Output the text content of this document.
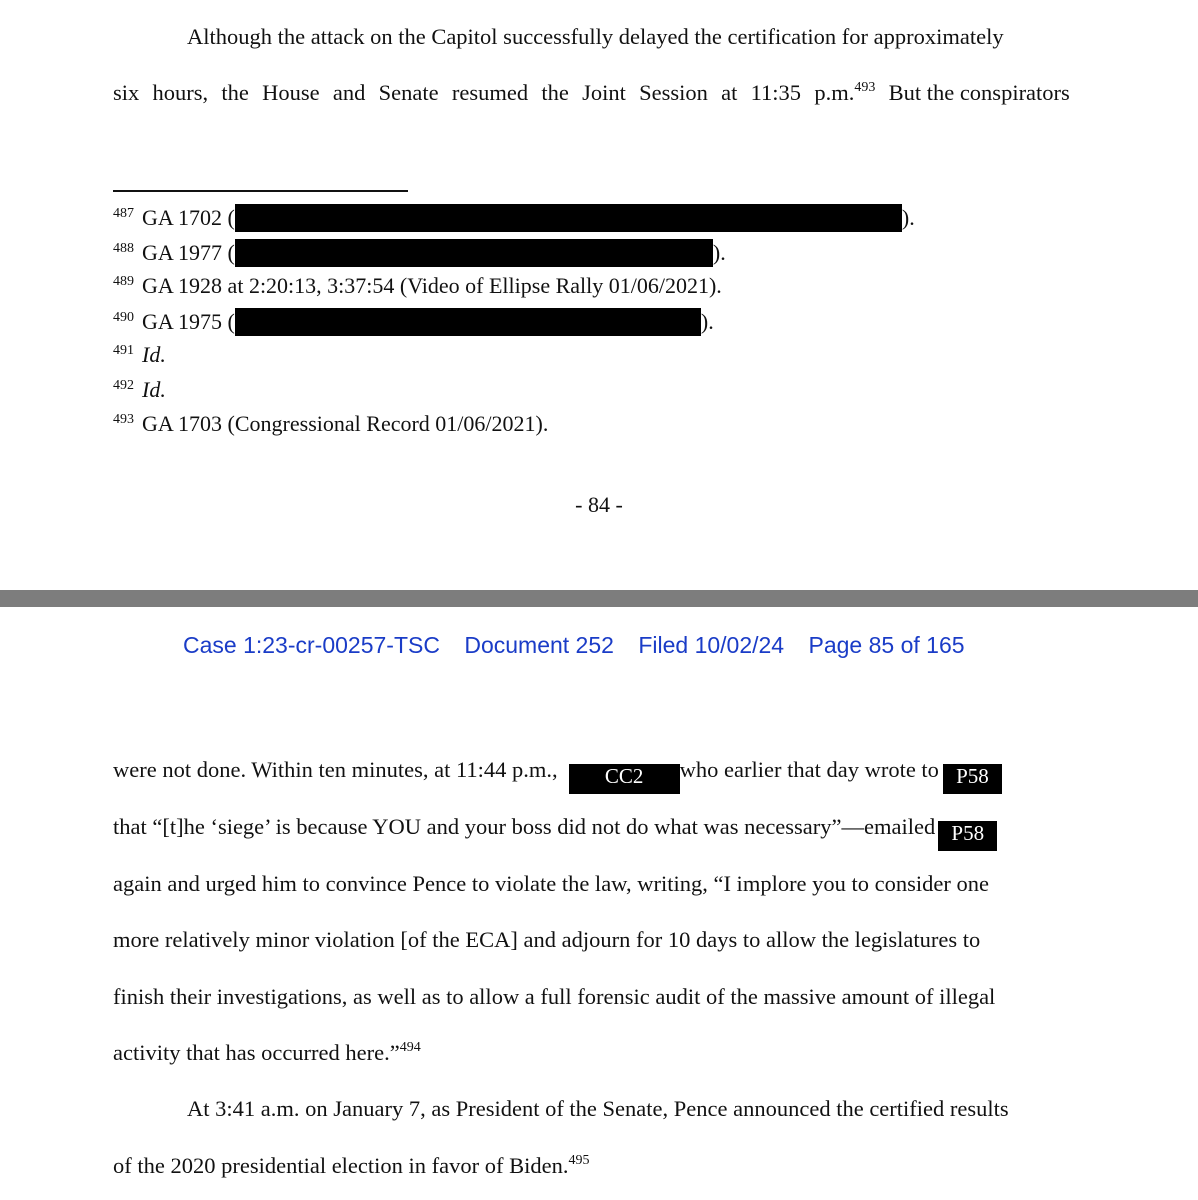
Although the attack on the Capitol successfully delayed the certification for approximately
six hours, the House and Senate resumed the Joint Session at 11:35 p.m.$^{493}$ But the conspirators
$^{487}$ GA 1702 (	).
$^{488}$ GA 1977 (	).
$^{489}$ GA 1928 at 2:20:13, 3:37:54 (Video of Ellipse Rally 01/06/2021).
$^{490}$ GA 1975 (	).
$^{491}$ Id.
$^{492}$ Id.
$^{493}$ GA 1703 (Congressional Record 01/06/2021).
- 84 -
Case 1:23-cr-00257-TSC Document 252 Filed 10/02/24 Page 85 of 165
were not done. Within ten minutes, at 11:44 p.m., CC2 who earlier that day wrote to P58
that “[t]he ‘siege’ is because YOU and your boss did not do what was necessary”—emailed P58
again and urged him to convince Pence to violate the law, writing, “I implore you to consider one
more relatively minor violation [of the ECA] and adjourn for 10 days to allow the legislatures to
finish their investigations, as well as to allow a full forensic audit of the massive amount of illegal
activity that has occurred here.”$^{494}$
At 3:41 a.m. on January 7, as President of the Senate, Pence announced the certified results
of the 2020 presidential election in favor of Biden.$^{495}$
